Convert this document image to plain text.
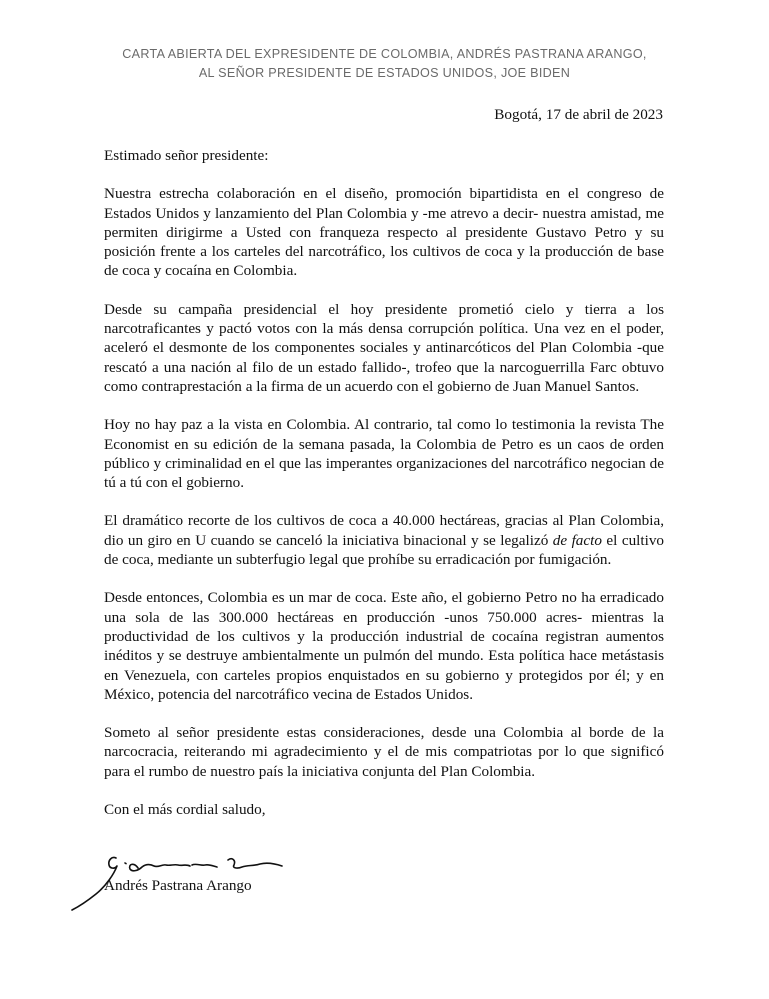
CARTA ABIERTA DEL EXPRESIDENTE DE COLOMBIA, ANDRÉS PASTRANA ARANGO,
AL SEÑOR PRESIDENTE DE ESTADOS UNIDOS, JOE BIDEN
Bogotá, 17 de abril de 2023

Estimado señor presidente:

Nuestra estrecha colaboración en el diseño, promoción bipartidista en el congreso de Estados Unidos y lanzamiento del Plan Colombia y -me atrevo a decir- nuestra amistad, me permiten dirigirme a Usted con franqueza respecto al presidente Gustavo Petro y su posición frente a los carteles del narcotráfico, los cultivos de coca y la producción de base de coca y cocaína en Colombia.

Desde su campaña presidencial el hoy presidente prometió cielo y tierra a los narcotraficantes y pactó votos con la más densa corrupción política. Una vez en el poder, aceleró el desmonte de los componentes sociales y antinarcóticos del Plan Colombia -que rescató a una nación al filo de un estado fallido-, trofeo que la narcoguerrilla Farc obtuvo como contraprestación a la firma de un acuerdo con el gobierno de Juan Manuel Santos.

Hoy no hay paz a la vista en Colombia. Al contrario, tal como lo testimonia la revista The Economist en su edición de la semana pasada, la Colombia de Petro es un caos de orden público y criminalidad en el que las imperantes organizaciones del narcotráfico negocian de tú a tú con el gobierno.

El dramático recorte de los cultivos de coca a 40.000 hectáreas, gracias al Plan Colombia, dio un giro en U cuando se canceló la iniciativa binacional y se legalizó de facto el cultivo de coca, mediante un subterfugio legal que prohíbe su erradicación por fumigación.

Desde entonces, Colombia es un mar de coca. Este año, el gobierno Petro no ha erradicado una sola de las 300.000 hectáreas en producción -unos 750.000 acres- mientras la productividad de los cultivos y la producción industrial de cocaína registran aumentos inéditos y se destruye ambientalmente un pulmón del mundo. Esta política hace metástasis en Venezuela, con carteles propios enquistados en su gobierno y protegidos por él; y en México, potencia del narcotráfico vecina de Estados Unidos.

Someto al señor presidente estas consideraciones, desde una Colombia al borde de la narcocracia, reiterando mi agradecimiento y el de mis compatriotas por lo que significó para el rumbo de nuestro país la iniciativa conjunta del Plan Colombia.

Con el más cordial saludo,

Andrés Pastrana Arango
